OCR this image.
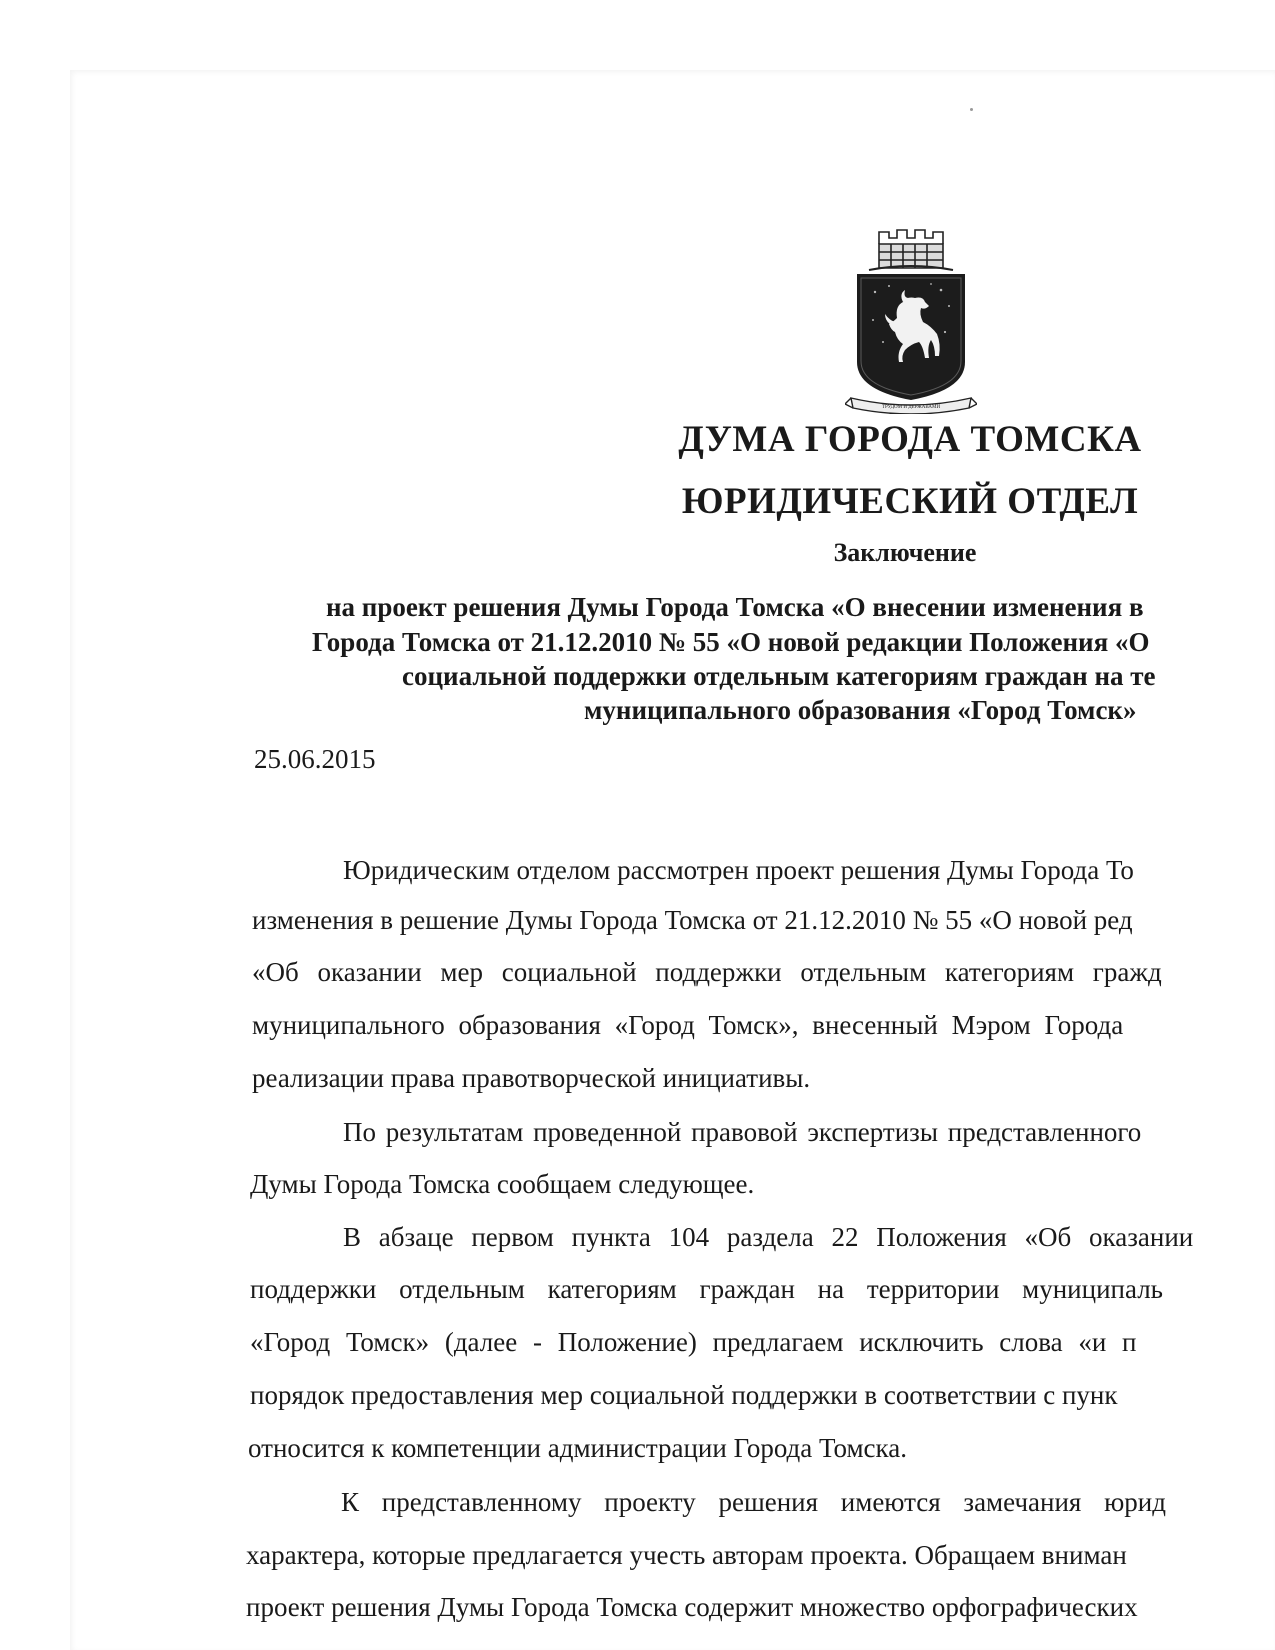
ТРУДОМ И ДЕРЖАВАМИ
ДУМА ГОРОДА ТОМСКА
ЮРИДИЧЕСКИЙ ОТДЕЛ
Заключение
на проект решения Думы Города Томска «О внесении изменения в
Города Томска от 21.12.2010 № 55 «О новой редакции Положения «О
социальной поддержки отдельным категориям граждан на те
муниципального образования «Город Томск»
25.06.2015
Юридическим отделом рассмотрен проект решения Думы Города То
изменения в решение Думы Города Томска от 21.12.2010 № 55 «О новой ред
«Об оказании мер социальной поддержки отдельным категориям гражд
муниципального образования «Город Томск», внесенный Мэром Города
реализации права правотворческой инициативы.
По результатам проведенной правовой экспертизы представленного
Думы Города Томска сообщаем следующее.
В абзаце первом пункта 104 раздела 22 Положения «Об оказании
поддержки отдельным категориям граждан на территории муниципаль
«Город Томск» (далее - Положение) предлагаем исключить слова «и п
порядок предоставления мер социальной поддержки в соответствии с пунк
относится к компетенции администрации Города Томска.
К представленному проекту решения имеются замечания юрид
характера, которые предлагается учесть авторам проекта. Обращаем вниман
проект решения Думы Города Томска содержит множество орфографических
